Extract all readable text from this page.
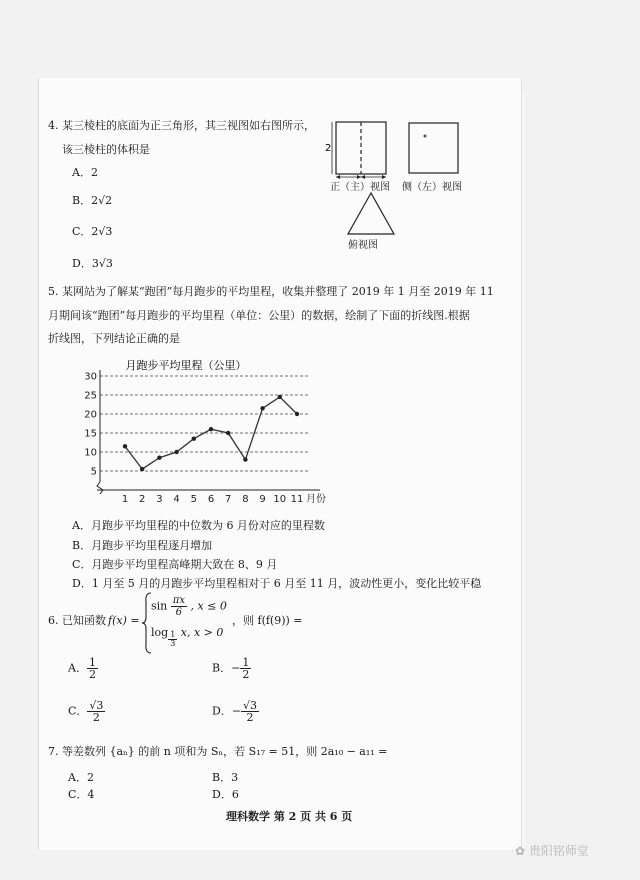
4. 某三棱柱的底面为正三角形，其三视图如右图所示，
该三棱柱的体积是
A．2
B．2√2
C．2√3
D．3√3
2
正（主）视图 侧（左）视图
俯视图
5. 某网站为了解某“跑团”每月跑步的平均里程，收集并整理了 2019 年 1 月至 2019 年 11
月期间该“跑团”每月跑步的平均里程（单位：公里）的数据，绘制了下面的折线图.根据
折线图，下列结论正确的是
月跑步平均里程（公里）
5
10
15
20
25
30
1 2 3 4 5 6 7 8 9 10 11 月份
A．月跑步平均里程的中位数为 6 月份对应的里程数
B．月跑步平均里程逐月增加
C．月跑步平均里程高峰期大致在 8、9 月
D．1 月至 5 月的月跑步平均里程相对于 6 月至 11 月，波动性更小，变化比较平稳
6. 已知函数 f(x) =
$\sin \frac{\pi x}{6}$ , x ≤ 0
$\log \frac{1}{3} x$, x > 0
，则 f(f(9)) =
A． $\frac{1}{2}$	B．− $\frac{1}{2}$
C． $\frac{√3}{2}$	D．− $\frac{√3}{2}$
7. 等差数列 {aₙ} 的前 n 项和为 Sₙ，若 S₁₇ = 51，则 2a₁₀ − a₁₁ =
A．2	B．3
C．4	D．6
理科数学 第 2 页 共 6 页
✿ 贵阳铭师堂
